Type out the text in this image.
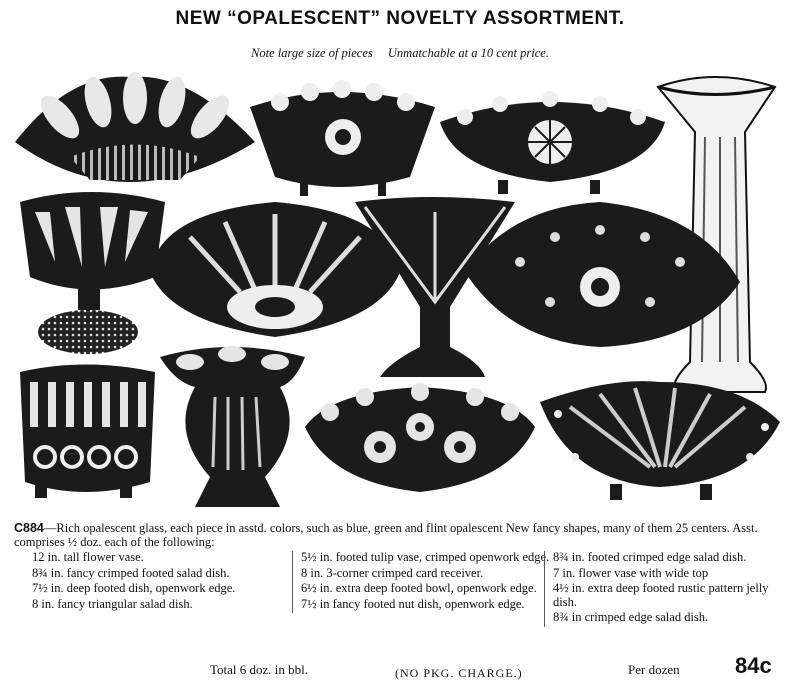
NEW “OPALESCENT” NOVELTY ASSORTMENT.
Note large size of pieces Unmatchable at a 10 cent price.
C884—Rich opalescent glass, each piece in asstd. colors, such as blue, green and flint opalescent New fancy shapes, many of them 25 centers. Asst. comprises ½ doz. each of the following:
12 in. tall flower vase.
8¾ in. fancy crimped footed salad dish.
7½ in. deep footed dish, openwork edge.
8 in. fancy triangular salad dish.
5½ in. footed tulip vase, crimped openwork edge.
8 in. 3-corner crimped card receiver.
6½ in. extra deep footed bowl, openwork edge.
7½ in fancy footed nut dish, openwork edge.
8¾ in. footed crimped edge salad dish.
7 in. flower vase with wide top
4½ in. extra deep footed rustic pattern jelly dish.
8¾ in crimped edge salad dish.
Total 6 doz. in bbl.	(NO PKG. CHARGE.)	Per dozen	84c
